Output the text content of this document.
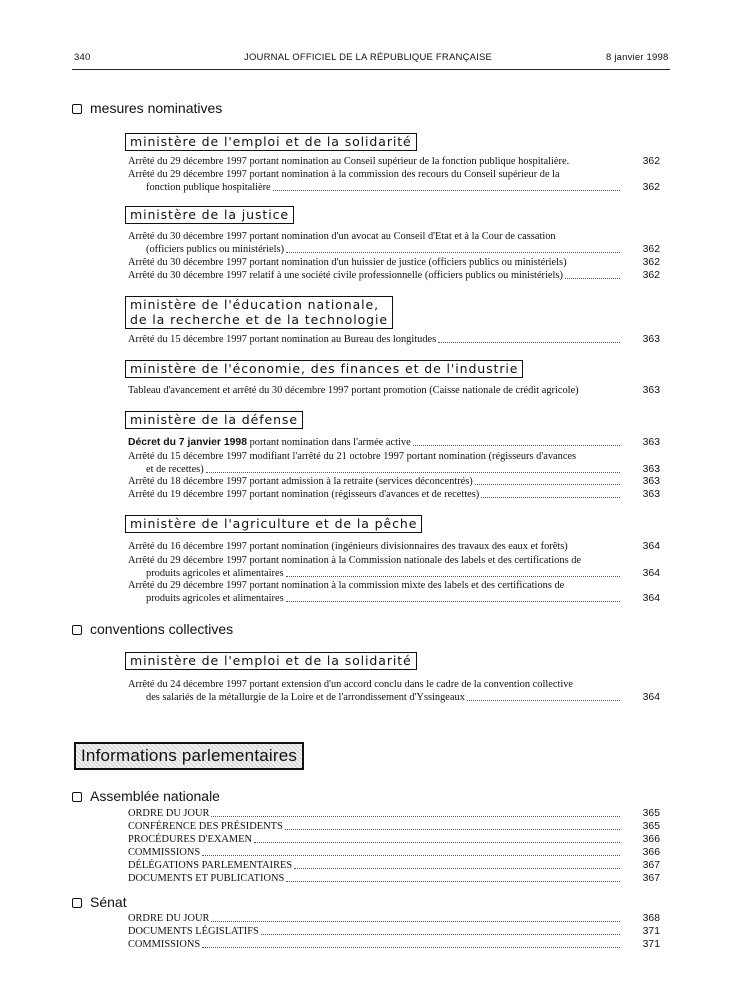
340	JOURNAL OFFICIEL DE LA RÉPUBLIQUE FRANÇAISE	8 janvier 1998
mesures nominatives
ministère de l'emploi et de la solidarité
Arrêté du 29 décembre 1997 portant nomination au Conseil supérieur de la fonction publique hospitalière.	362
Arrêté du 29 décembre 1997 portant nomination à la commission des recours du Conseil supérieur de la
fonction publique hospitalière	362
ministère de la justice
Arrêté du 30 décembre 1997 portant nomination d'un avocat au Conseil d'Etat et à la Cour de cassation
(officiers publics ou ministériels)	362
Arrêté du 30 décembre 1997 portant nomination d'un huissier de justice (officiers publics ou ministériels)	362
Arrêté du 30 décembre 1997 relatif à une société civile professionnelle (officiers publics ou ministériels)	362
ministère de l'éducation nationale,
de la recherche et de la technologie
Arrêté du 15 décembre 1997 portant nomination au Bureau des longitudes	363
ministère de l'économie, des finances et de l'industrie
Tableau d'avancement et arrêté du 30 décembre 1997 portant promotion (Caisse nationale de crédit agricole)	363
ministère de la défense
Décret du 7 janvier 1998 portant nomination dans l'armée active	363
Arrêté du 15 décembre 1997 modifiant l'arrêté du 21 octobre 1997 portant nomination (régisseurs d'avances
et de recettes)	363
Arrêté du 18 décembre 1997 portant admission à la retraite (services déconcentrés)	363
Arrêté du 19 décembre 1997 portant nomination (régisseurs d'avances et de recettes)	363
ministère de l'agriculture et de la pêche
Arrêté du 16 décembre 1997 portant nomination (ingénieurs divisionnaires des travaux des eaux et forêts)	364
Arrêté du 29 décembre 1997 portant nomination à la Commission nationale des labels et des certifications de
produits agricoles et alimentaires	364
Arrêté du 29 décembre 1997 portant nomination à la commission mixte des labels et des certifications de
produits agricoles et alimentaires	364
conventions collectives
ministère de l'emploi et de la solidarité
Arrêté du 24 décembre 1997 portant extension d'un accord conclu dans le cadre de la convention collective
des salariés de la métallurgie de la Loire et de l'arrondissement d'Yssingeaux	364
Informations parlementaires
Assemblée nationale
ORDRE DU JOUR	365
CONFÉRENCE DES PRÉSIDENTS	365
PROCÉDURES D'EXAMEN	366
COMMISSIONS	366
DÉLÉGATIONS PARLEMENTAIRES	367
DOCUMENTS ET PUBLICATIONS	367
Sénat
ORDRE DU JOUR	368
DOCUMENTS LÉGISLATIFS	371
COMMISSIONS	371
